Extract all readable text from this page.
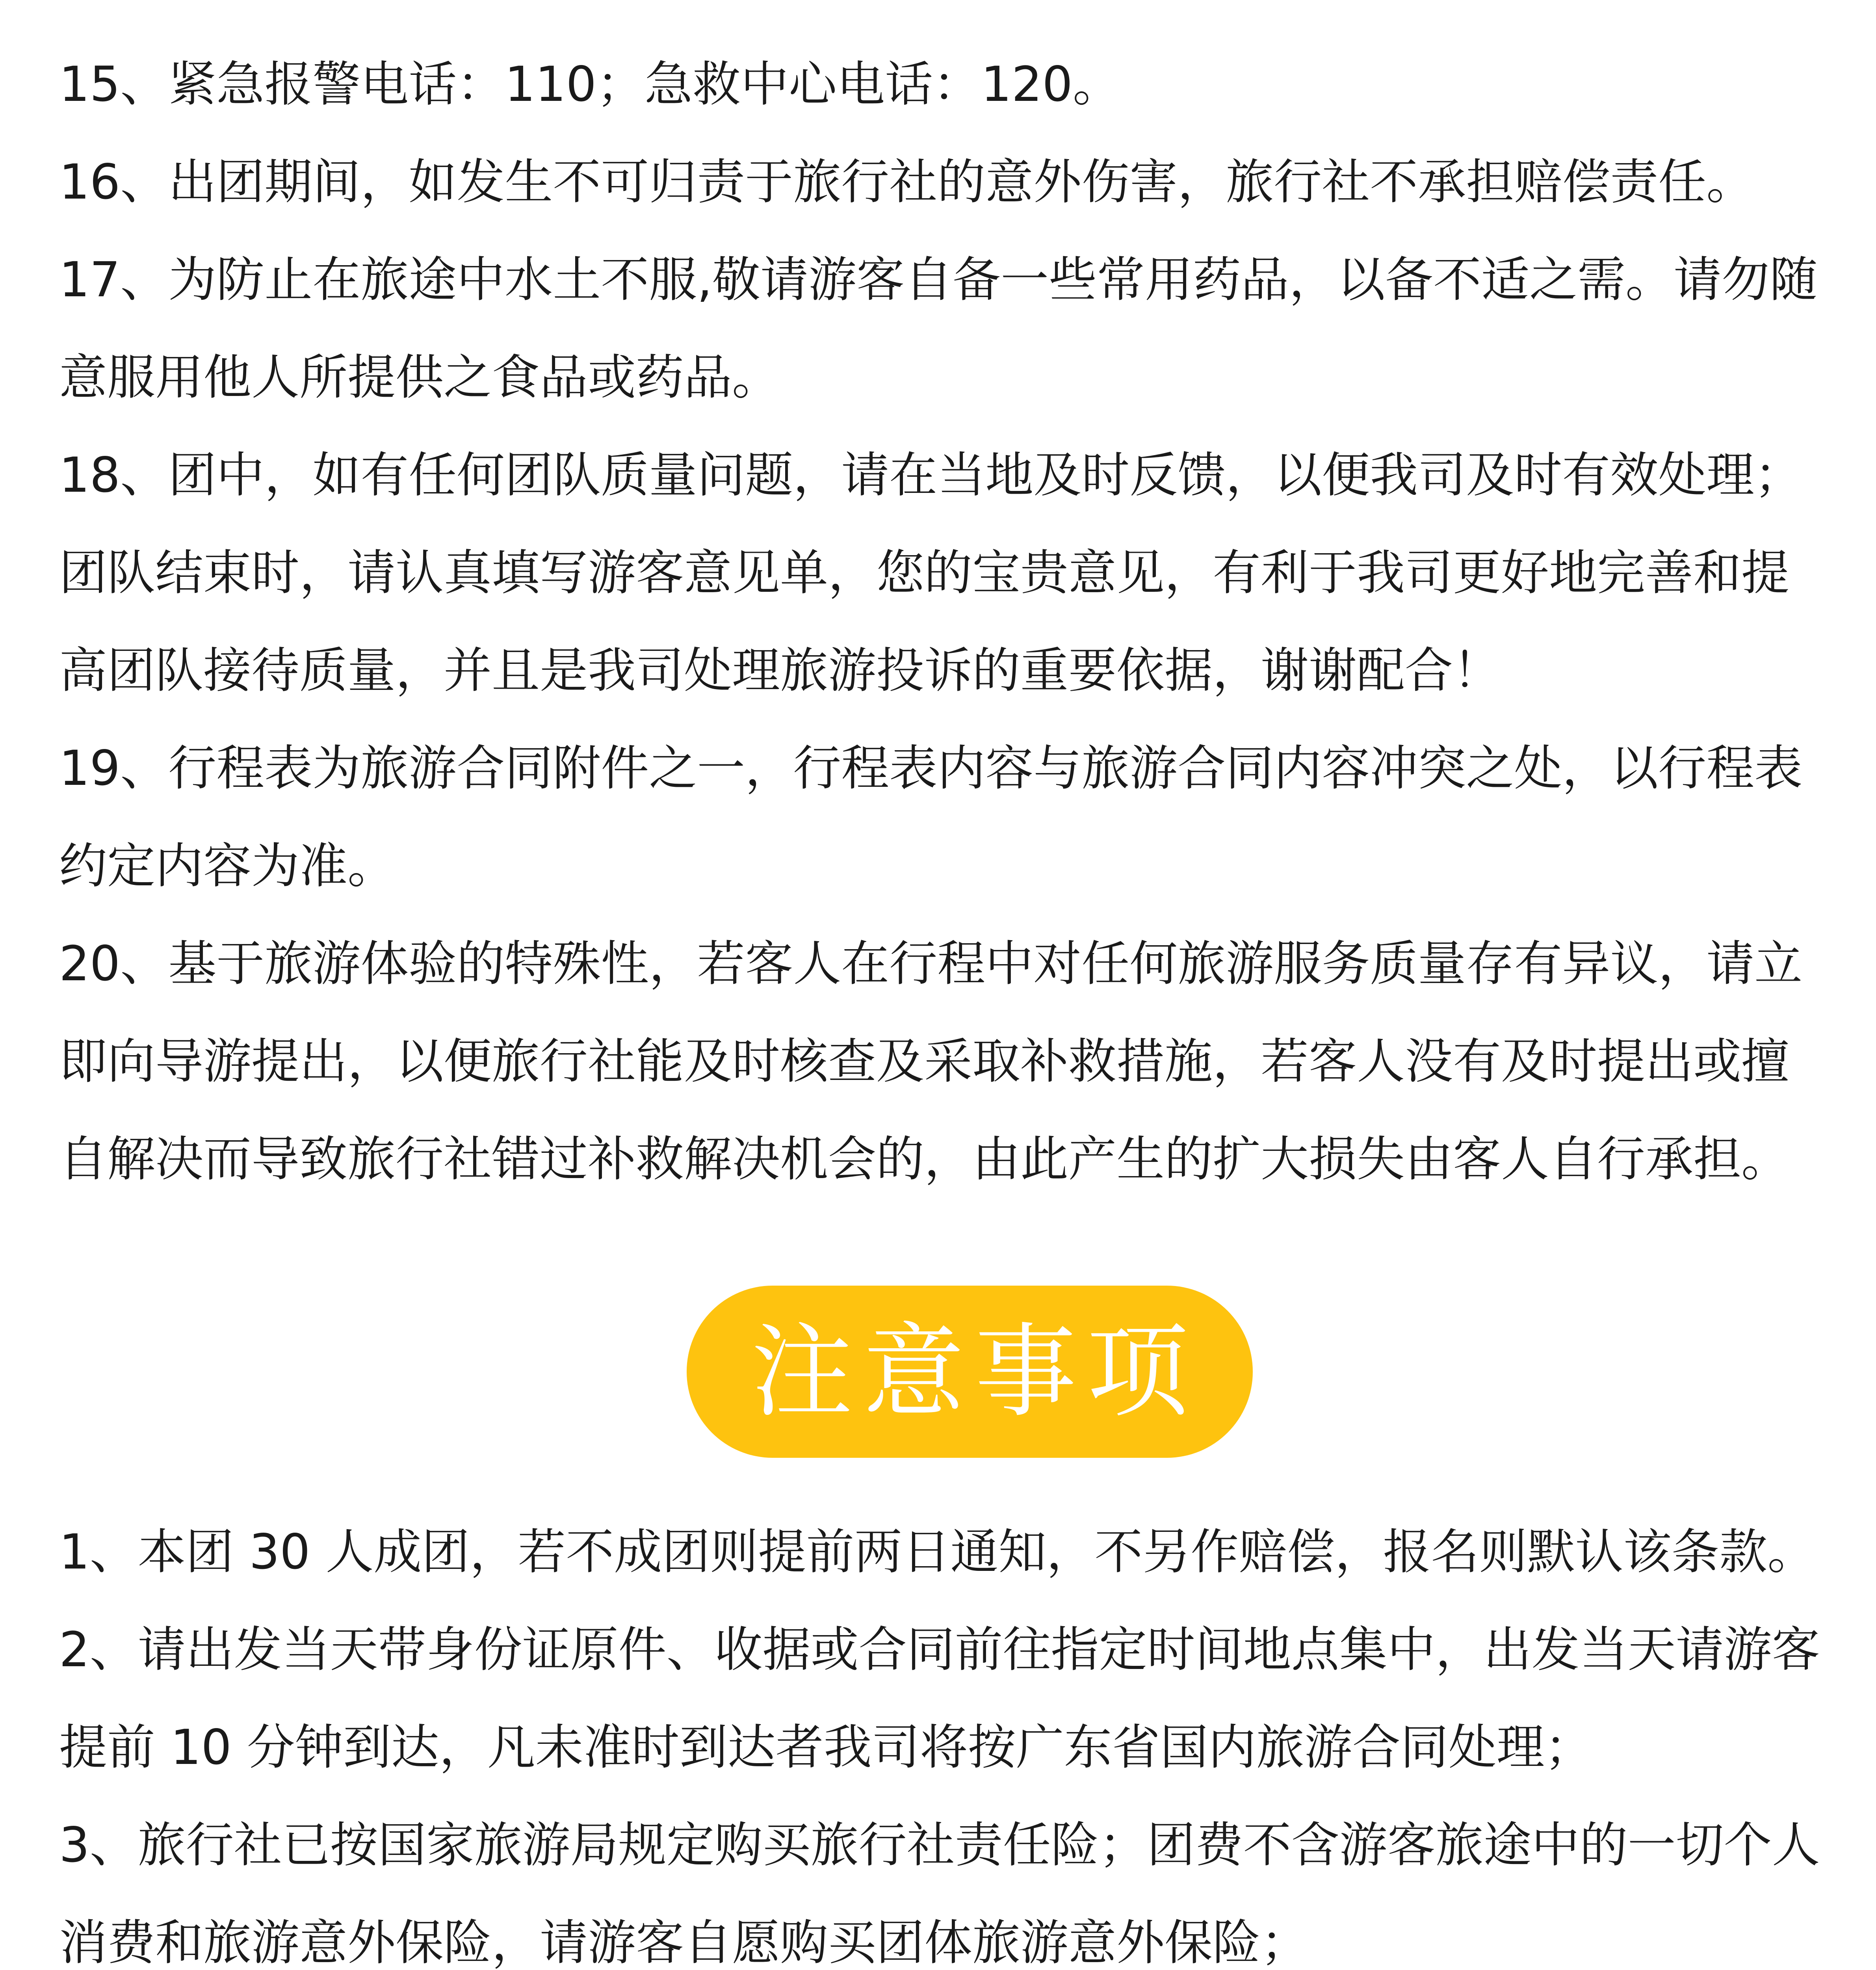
15、紧急报警电话：110；急救中心电话：120。

16、出团期间，如发生不可归责于旅行社的意外伤害，旅行社不承担赔偿责任。

17、为防止在旅途中水土不服,敬请游客自备一些常用药品，以备不适之需。请勿随意服用他人所提供之食品或药品。

18、团中，如有任何团队质量问题，请在当地及时反馈，以便我司及时有效处理；团队结束时，请认真填写游客意见单，您的宝贵意见，有利于我司更好地完善和提高团队接待质量，并且是我司处理旅游投诉的重要依据，谢谢配合！

19、行程表为旅游合同附件之一，行程表内容与旅游合同内容冲突之处，以行程表约定内容为准。

20、基于旅游体验的特殊性，若客人在行程中对任何旅游服务质量存有异议，请立即向导游提出，以便旅行社能及时核查及采取补救措施，若客人没有及时提出或擅自解决而导致旅行社错过补救解决机会的，由此产生的扩大损失由客人自行承担。

注意事项

1、本团 30 人成团，若不成团则提前两日通知，不另作赔偿，报名则默认该条款。

2、请出发当天带身份证原件、收据或合同前往指定时间地点集中，出发当天请游客提前 10 分钟到达，凡未准时到达者我司将按广东省国内旅游合同处理；

3、旅行社已按国家旅游局规定购买旅行社责任险；团费不含游客旅途中的一切个人消费和旅游意外保险，请游客自愿购买团体旅游意外保险；
